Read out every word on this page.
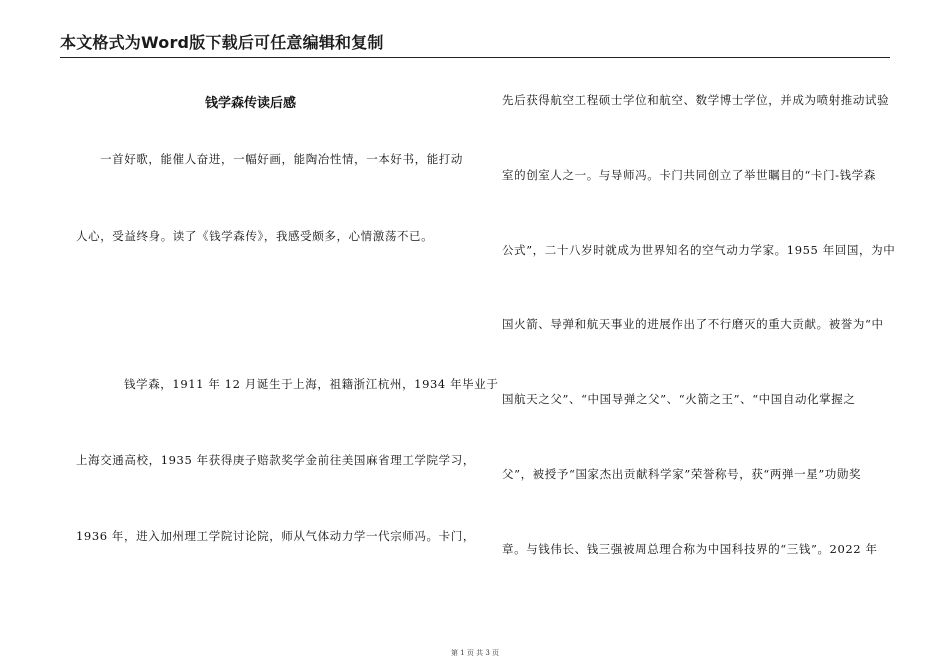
本文格式为Word版下载后可任意编辑和复制
钱学森传读后感
一首好歌，能催人奋进，一幅好画，能陶冶性情，一本好书，能打动
人心，受益终身。读了《钱学森传》，我感受颇多，心情激荡不已。
钱学森，1911 年 12 月诞生于上海，祖籍浙江杭州，1934 年毕业于
上海交通高校，1935 年获得庚子赔款奖学金前往美国麻省理工学院学习，
1936 年，进入加州理工学院讨论院，师从气体动力学一代宗师冯。卡门，
先后获得航空工程硕士学位和航空、数学博士学位，并成为喷射推动试验
室的创室人之一。与导师冯。卡门共同创立了举世瞩目的“卡门-钱学森
公式”，二十八岁时就成为世界知名的空气动力学家。1955 年回国，为中
国火箭、导弹和航天事业的进展作出了不行磨灭的重大贡献。被誉为“中
国航天之父”、“中国导弹之父”、“火箭之王”、“中国自动化掌握之
父”，被授予“国家杰出贡献科学家”荣誉称号，获“两弹一星”功勋奖
章。与钱伟长、钱三强被周总理合称为中国科技界的“三钱”。2022 年
第 1 页 共 3 页
